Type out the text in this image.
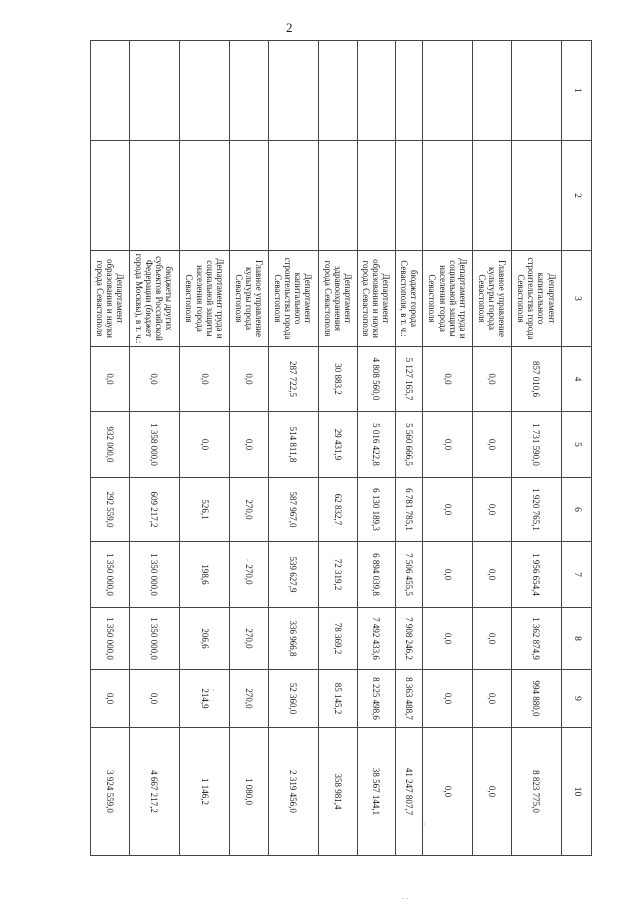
2
1	2	3	4	5	6	7	8	9	10
		Департамент капитального строительства города Севастополя	857 010,6	1 731 590,0	1 920 765,1	1 956 654,4	1 362 874,9	994 880,0	8 823 775,0
		Главное управление культуры города Севастополя	0,0	0,0	0,0	0,0	0,0	0,0	0,0
		Департамент труда и социальной защиты населения города Севастополя	0,0	0,0	0,0	0,0	0,0	0,0	0,0
		бюджет города Севастополя, в т. ч.:	5 127 165,7	5 560 666,5	6 781 785,1	7 506 455,5	7 908 246,2	8 363 488,7	41 247 807,7
		Департамент образования и науки города Севастополя	4 808 560,0	5 016 422,8	6 130 189,3	6 894 039,8	7 492 433,6	8 225 498,6	38 567 144,1
		Департамент здравоохранения города Севастополя	30 883,2	29 431,9	62 832,7	72 319,2	78 369,2	85 145,2	358 981,4
		Департамент капитального строительства города Севастополя	287 722,5	514 811,8	587 967,0	539 627,9	336 966,8	52 360,0	2 319 456,0
		Главное управление культуры города Севастополя	0,0	0,0	270,0	270,0	270,0	270,0	1 080,0
		Департамент труда и социальной защиты населения города Севастополя	0,0	0,0	526,1	198,6	206,6	214,9	1 146,2
		бюджеты других субъектов Российской Федерации (бюджет города Москвы), в т. ч.:	0,0	1 358 000,0	609 217,2	1 350 000,0	1 350 000,0	0,0	4 667 217,2
		Департамент образования и науки города Севастополя	0,0	932 000,0	292 559,0	1 350 000,0	1 350 000,0	0,0	3 924 559,0
·
·
·
. .
